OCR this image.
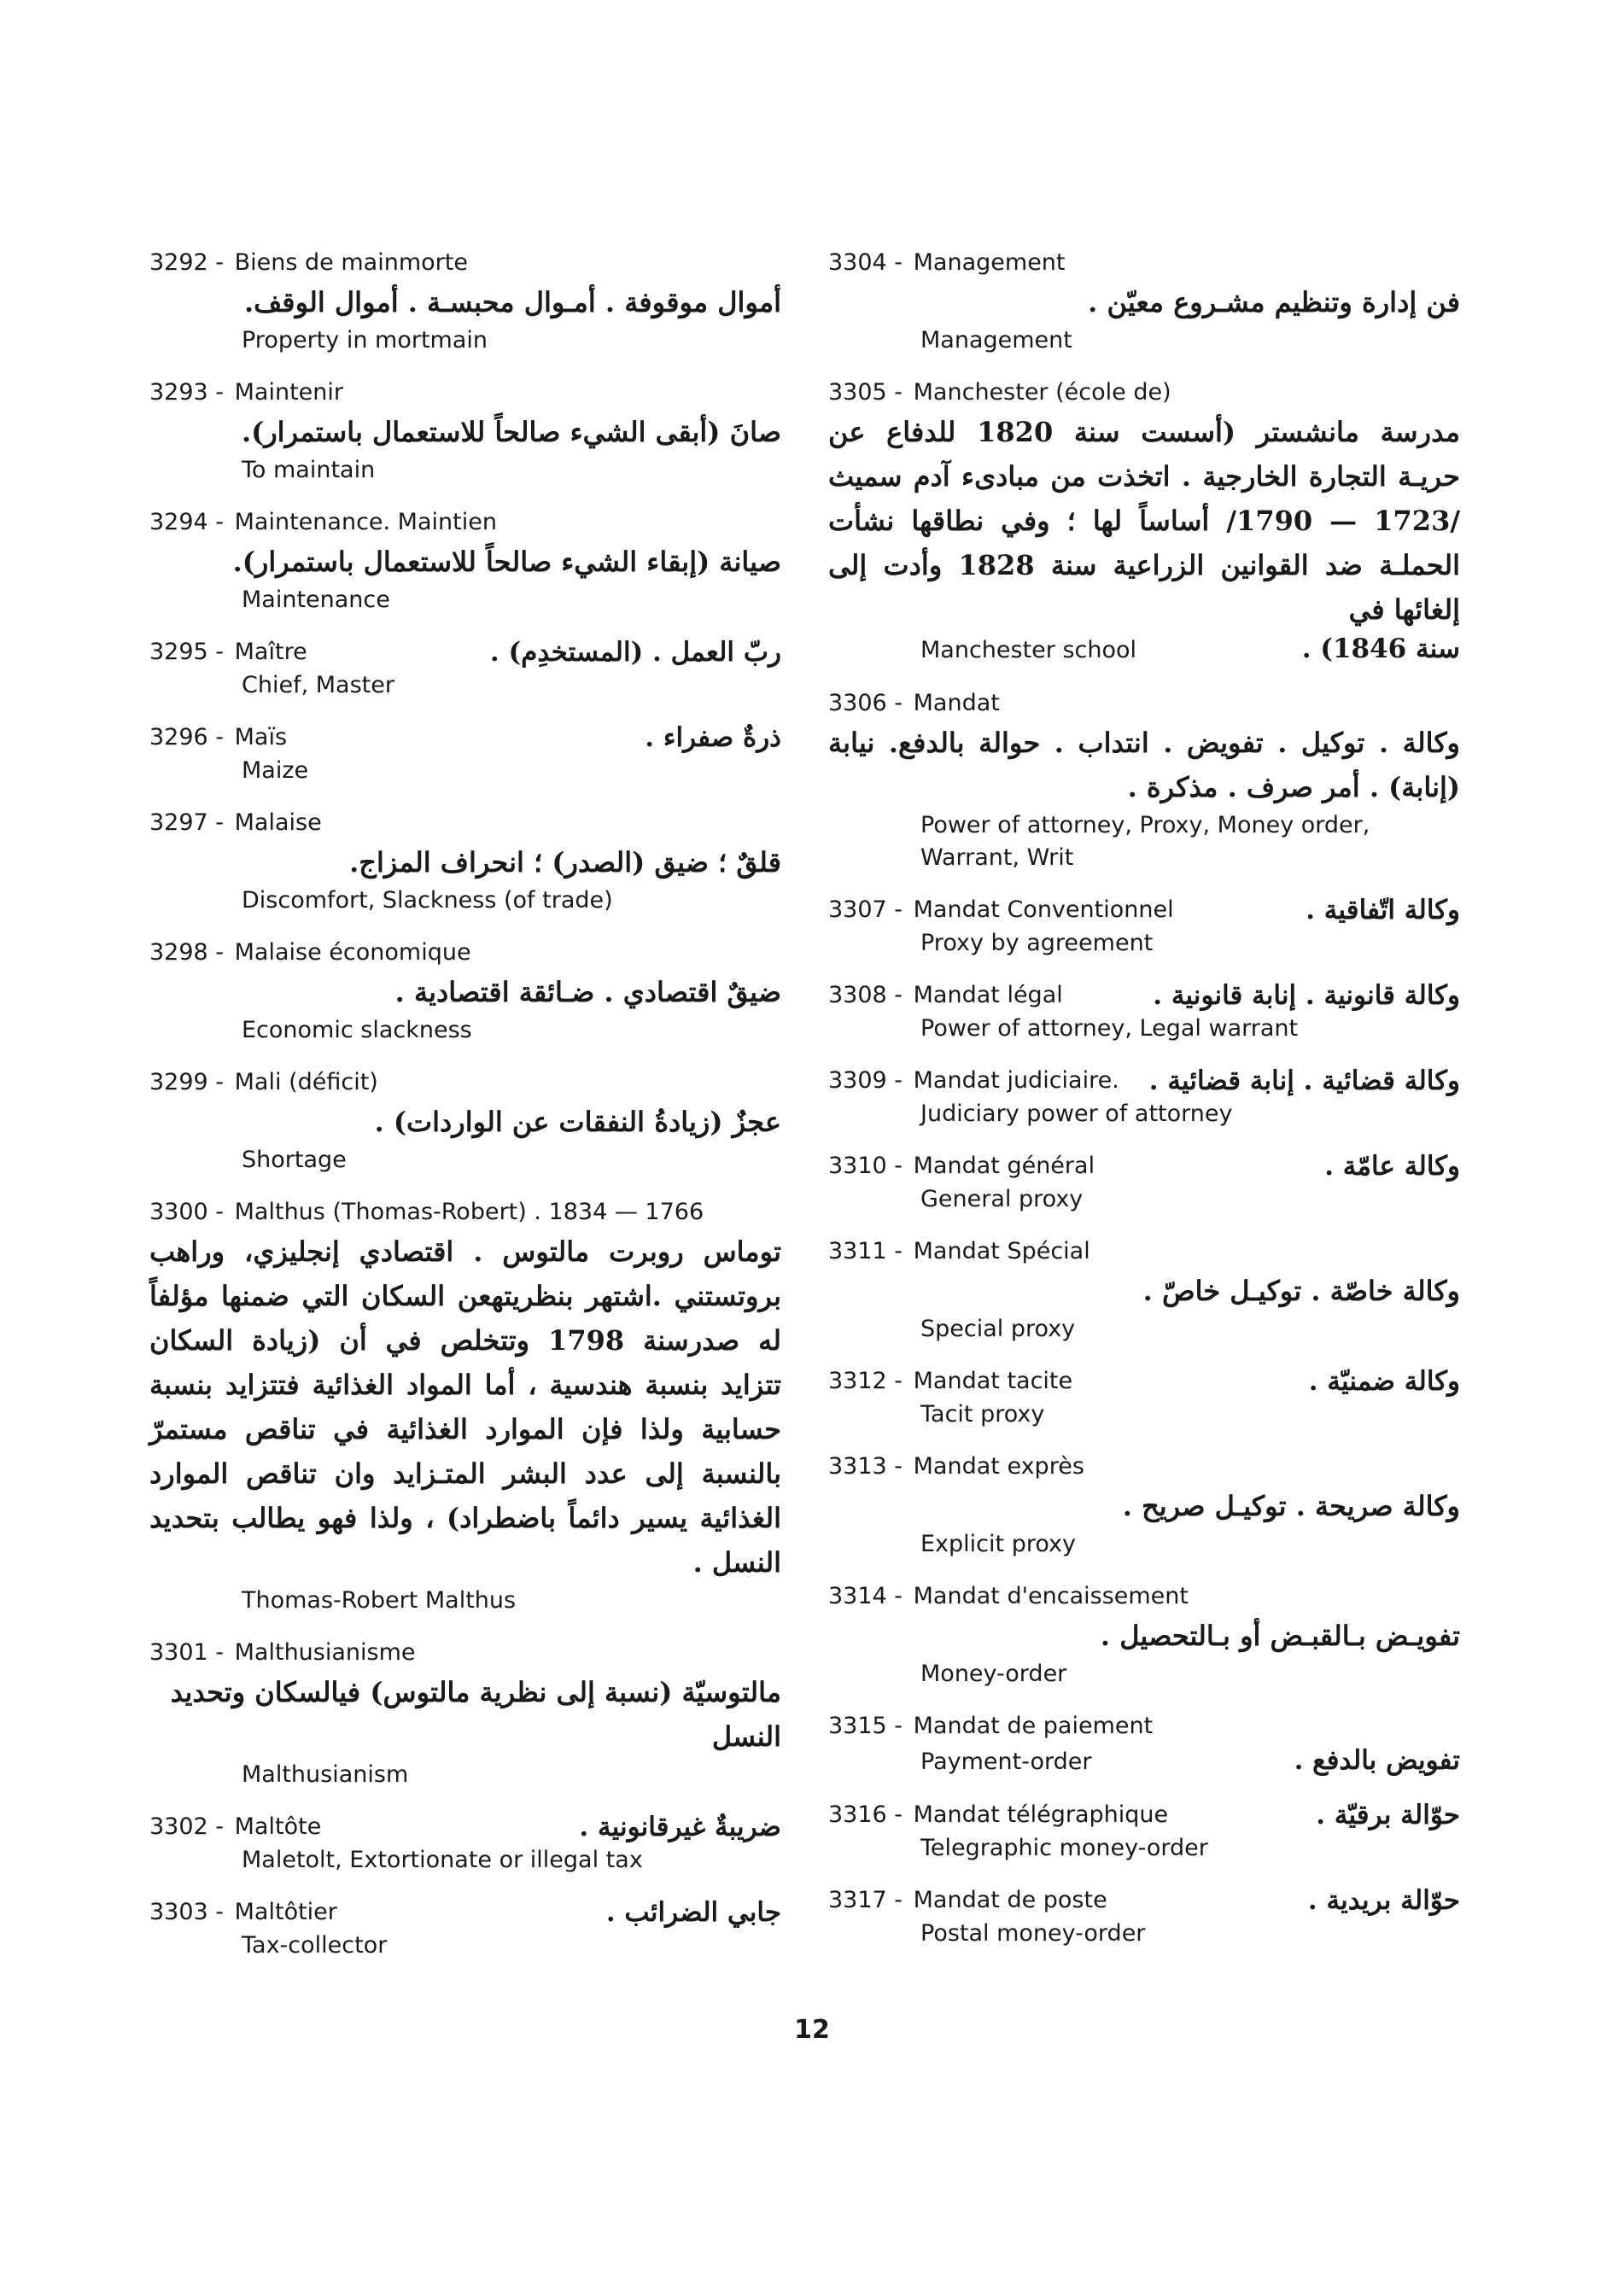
3292 - Biens de mainmorte
أموال موقوفة . أمـوال محبسـة . أموال الوقف.
Property in mortmain
3293 - Maintenir
صانَ (أبقى الشيء صالحاً للاستعمال باستمرار).
To maintain
3294 - Maintenance. Maintien
صيانة (إبقاء الشيء صالحاً للاستعمال باستمرار).
Maintenance
3295 - Maître	ربّ العمل . (المستخدِم) .
Chief, Master
3296 - Maïs	ذرةٌ صفراء .
Maize
3297 - Malaise
قلقٌ ؛ ضيق (الصدر) ؛ انحراف المزاج.
Discomfort, Slackness (of trade)
3298 - Malaise économique
ضيقٌ اقتصادي . ضـائقة اقتصادية .
Economic slackness
3299 - Mali (déficit)
عجزٌ (زيادةُ النفقات عن الواردات) .
Shortage
3300 - Malthus (Thomas-Robert) . 1834 — 1766
توماس روبرت مالتوس . اقتصادي إنجليزي، وراهب بروتستني .اشتهر بنظريتهعن السكان التي ضمنها مؤلفاً له صدرسنة 1798 وتتخلص في أن (زيادة السكان تتزايد بنسبة هندسية ، أما المواد الغذائية فتتزايد بنسبة حسابية ولذا فإن الموارد الغذائية في تناقص مستمرّ بالنسبة إلى عدد البشر المتـزايد وان تناقص الموارد الغذائية يسير دائماً باضطراد) ، ولذا فهو يطالب بتحديد النسل .
Thomas-Robert Malthus
3301 - Malthusianisme
مالتوسيّة (نسبة إلى نظرية مالتوس) فيالسكان وتحديد النسل
Malthusianism
3302 - Maltôte	ضريبةٌ غيرقانونية .
Maletolt, Extortionate or illegal tax
3303 - Maltôtier	جابي الضرائب .
Tax-collector
3304 - Management
فن إدارة وتنظيم مشـروع معيّن .
Management
3305 - Manchester (école de)
مدرسة مانشستر (أسست سنة 1820 للدفاع عن حريـة التجارة الخارجية . اتخذت من مبادىء آدم سميث /1723 — 1790/ أساساً لها ؛ وفي نطاقها نشأت الحملـة ضد القوانين الزراعية سنة 1828 وأدت إلى إلغائها في
Manchester school	سنة 1846) .
3306 - Mandat
وكالة . توكيل . تفويض . انتداب . حوالة بالدفع. نيابة (إنابة) . أمر صرف . مذكرة .
Power of attorney, Proxy, Money order, Warrant, Writ
3307 - Mandat Conventionnel	وكالة اتّفاقية .
Proxy by agreement
3308 - Mandat légal	وكالة قانونية . إنابة قانونية .
Power of attorney, Legal warrant
3309 - Mandat judiciaire. وكالة قضائية . إنابة قضائية .
Judiciary power of attorney
3310 - Mandat général	وكالة عامّة .
General proxy
3311 - Mandat Spécial
وكالة خاصّة . توكيـل خاصّ .
Special proxy
3312 - Mandat tacite	وكالة ضمنيّة .
Tacit proxy
3313 - Mandat exprès
وكالة صريحة . توكيـل صريح .
Explicit proxy
3314 - Mandat d'encaissement
تفويـض بـالقبـض أو بـالتحصيل .
Money-order
3315 - Mandat de paiement
Payment-order	تفويض بالدفع .
3316 - Mandat télégraphique	حوّالة برقيّة .
Telegraphic money-order
3317 - Mandat de poste	حوّالة بريدية .
Postal money-order
12
